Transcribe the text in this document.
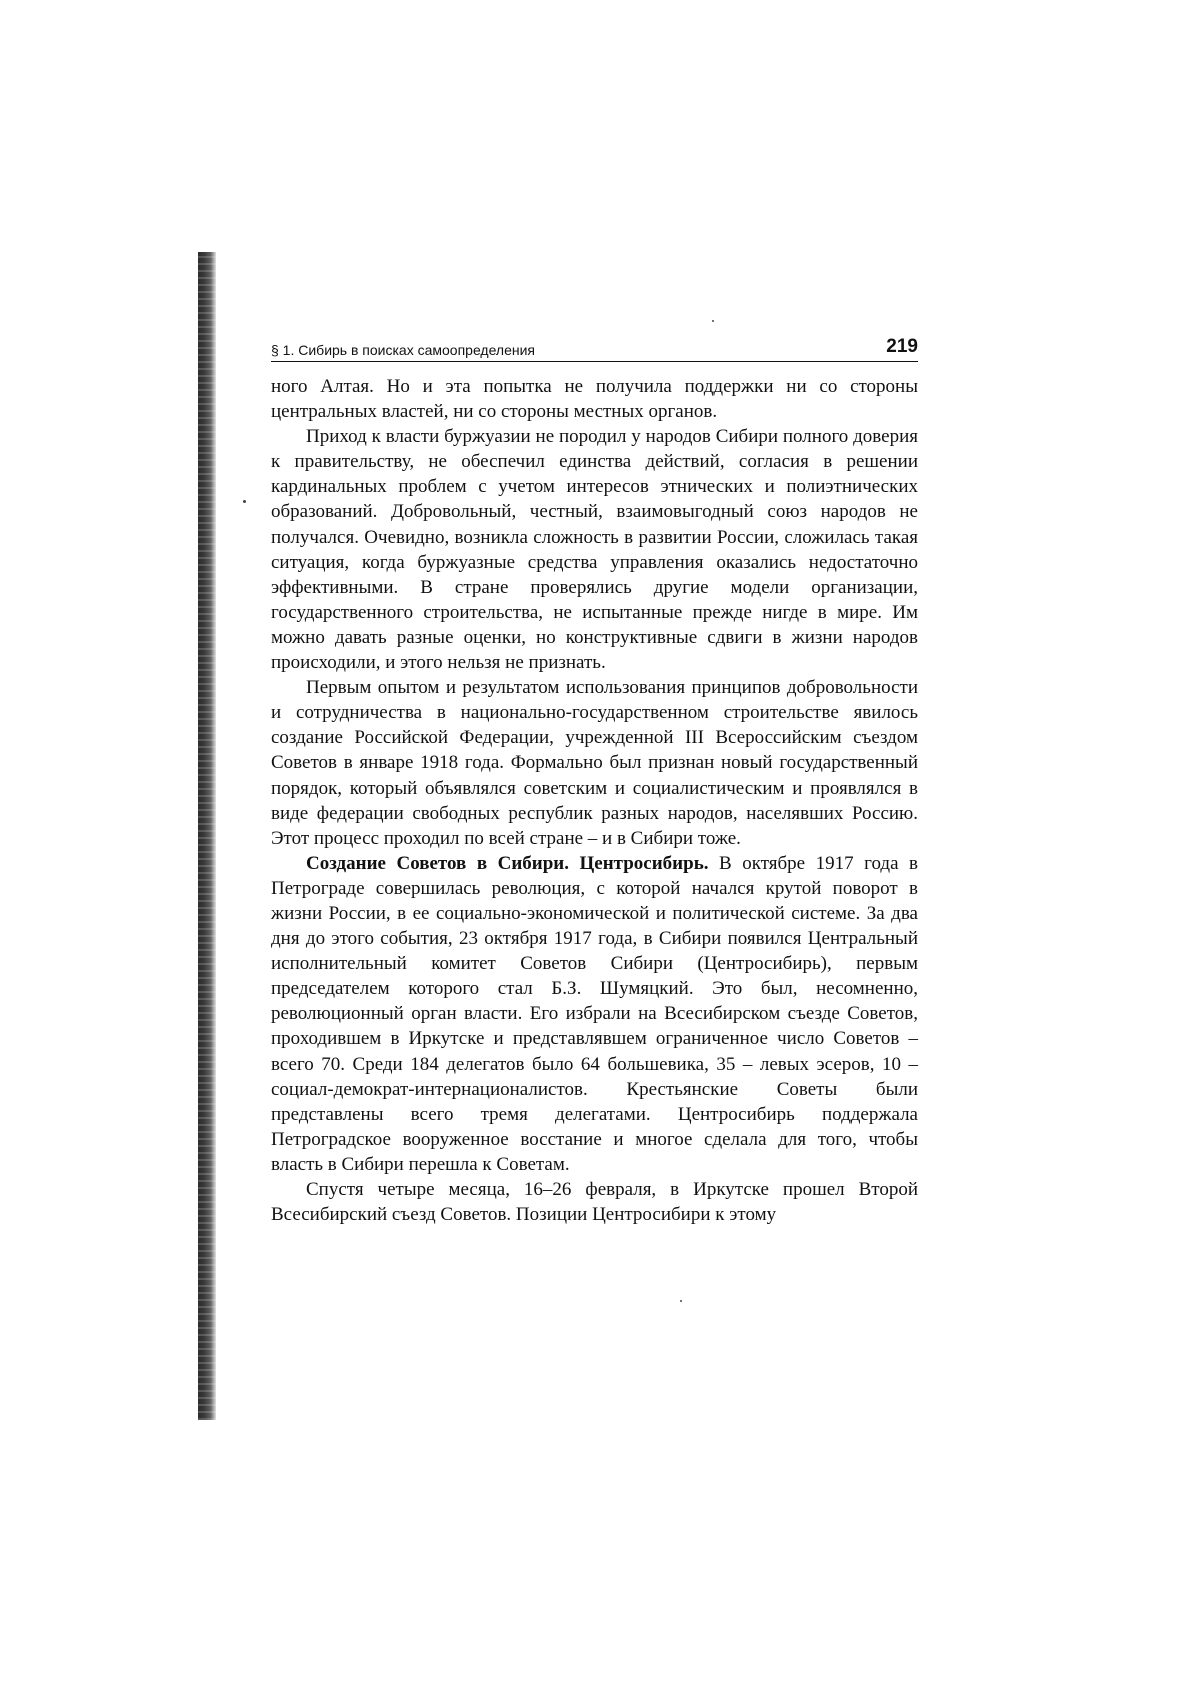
§ 1. Сибирь в поисках самоопределения	219

ного Алтая. Но и эта попытка не получила поддержки ни со стороны центральных властей, ни со стороны местных органов.

Приход к власти буржуазии не породил у народов Сибири полного доверия к правительству, не обеспечил единства действий, согласия в решении кардинальных проблем с учетом интересов этнических и полиэтнических образований. Добровольный, честный, взаимовыгодный союз народов не получался. Очевидно, возникла сложность в развитии России, сложилась такая ситуация, когда буржуазные средства управления оказались недостаточно эффективными. В стране проверялись другие модели организации, государственного строительства, не испытанные прежде нигде в мире. Им можно давать разные оценки, но конструктивные сдвиги в жизни народов происходили, и этого нельзя не признать.

Первым опытом и результатом использования принципов добровольности и сотрудничества в национально-государственном строительстве явилось создание Российской Федерации, учрежденной III Всероссийским съездом Советов в январе 1918 года. Формально был признан новый государственный порядок, который объявлялся советским и социалистическим и проявлялся в виде федерации свободных республик разных народов, населявших Россию. Этот процесс проходил по всей стране – и в Сибири тоже.

Создание Советов в Сибири. Центросибирь. В октябре 1917 года в Петрограде совершилась революция, с которой начался крутой поворот в жизни России, в ее социально-экономической и политической системе. За два дня до этого события, 23 октября 1917 года, в Сибири появился Центральный исполнительный комитет Советов Сибири (Центросибирь), первым председателем которого стал Б.З. Шумяцкий. Это был, несомненно, революционный орган власти. Его избрали на Всесибирском съезде Советов, проходившем в Иркутске и представлявшем ограниченное число Советов – всего 70. Среди 184 делегатов было 64 большевика, 35 – левых эсеров, 10 – социал-демократ-интернационалистов. Крестьянские Советы были представлены всего тремя делегатами. Центросибирь поддержала Петроградское вооруженное восстание и многое сделала для того, чтобы власть в Сибири перешла к Советам.

Спустя четыре месяца, 16–26 февраля, в Иркутске прошел Второй Всесибирский съезд Советов. Позиции Центросибири к этому
